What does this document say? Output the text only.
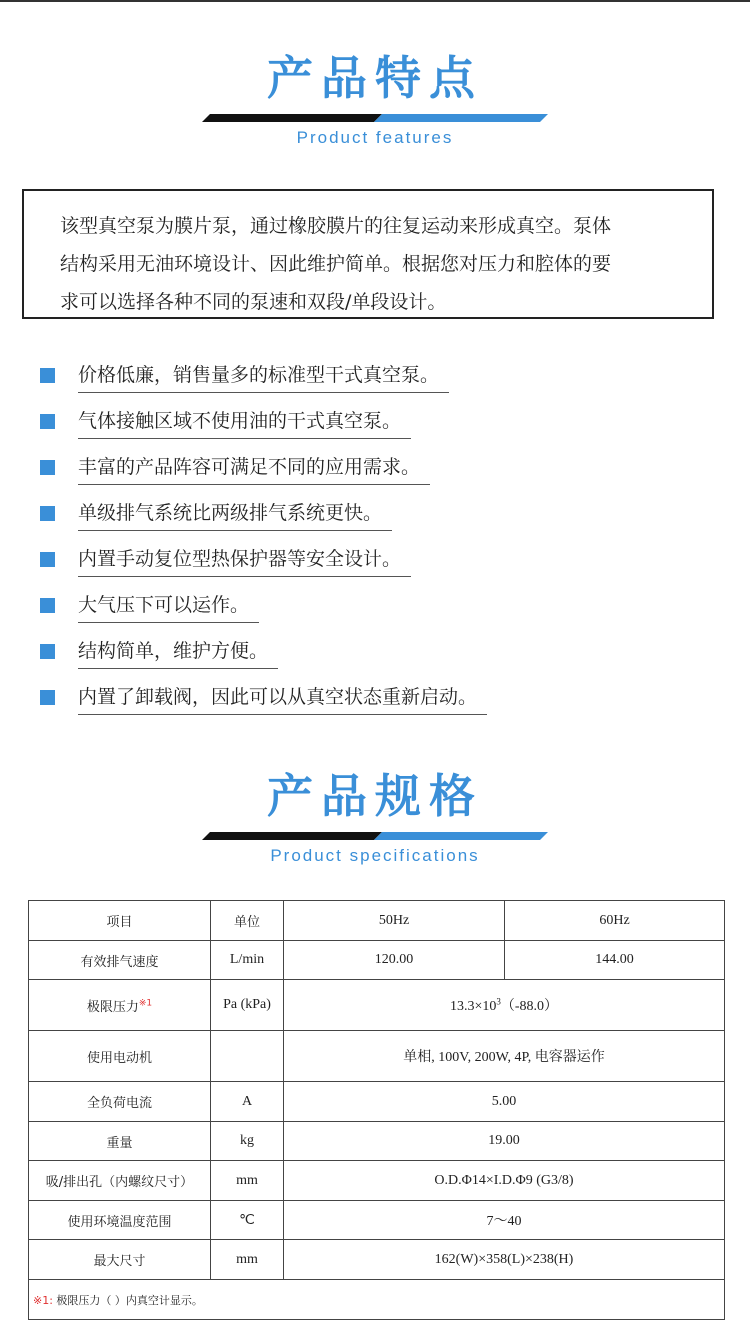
产品特点
Product features
该型真空泵为膜片泵，通过橡胶膜片的往复运动来形成真空。泵体
结构采用无油环境设计、因此维护简单。根据您对压力和腔体的要
求可以选择各种不同的泵速和双段/单段设计。
价格低廉，销售量多的标准型干式真空泵。
气体接触区域不使用油的干式真空泵。
丰富的产品阵容可满足不同的应用需求。
单级排气系统比两级排气系统更快。
内置手动复位型热保护器等安全设计。
大气压下可以运作。
结构简单，维护方便。
内置了卸载阀，因此可以从真空状态重新启动。
产品规格
Product specifications
项目	单位	50Hz	60Hz
有效排气速度	L/min	120.00	144.00
极限压力$^{※1}$	Pa (kPa)	$13.3\times 10^3(-88.0)$	
使用电动机		单相, 100V, 200W, 4P, 电容器运作	
全负荷电流	A	5.00	
重量	kg	19.00	
吸/排出孔（内螺纹尺寸）	mm	O.D.Φ14×I.D.Φ9 (G3/8)	
使用环境温度范围	℃	7～40	
最大尺寸	mm	162(W)×358(L)×238(H)	
※1: 极限压力（ ）内真空计显示。			
